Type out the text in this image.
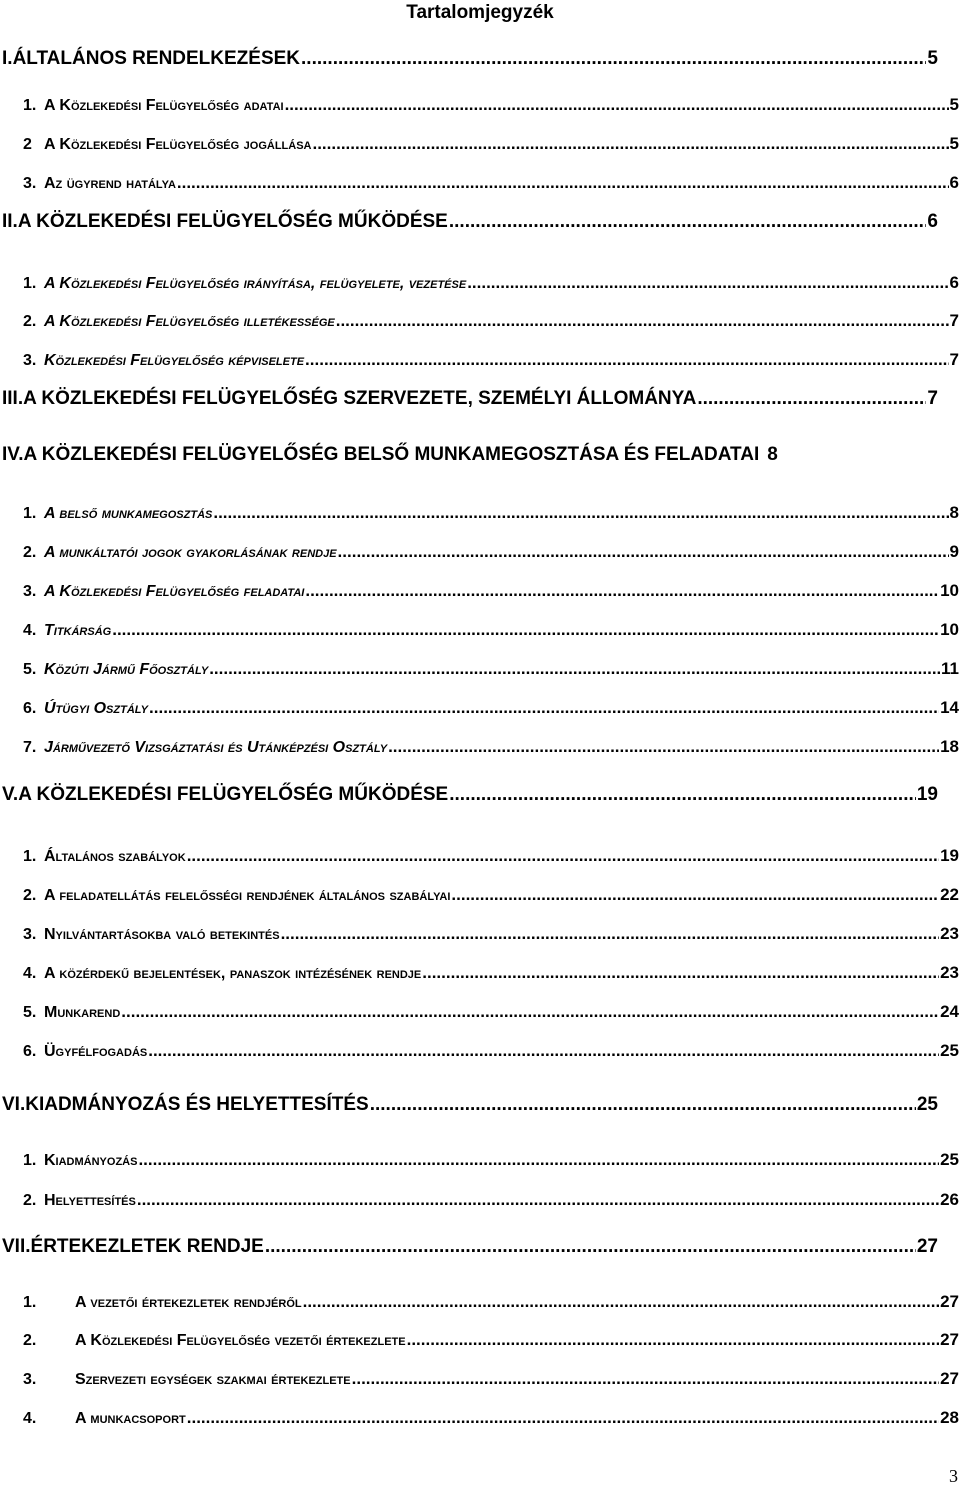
Tartalomjegyzék
I. ÁLTALÁNOS RENDELKEZÉSEK .....	5
1. A Közlekedési Felügyelőség adatai .....	5
2 A Közlekedési Felügyelőség jogállása .....	5
3. Az ügyrend hatálya .....	6
II. A KÖZLEKEDÉSI FELÜGYELŐSÉG MŰKÖDÉSE .....	6
1. A Közlekedési Felügyelőség irányítása, felügyelete, vezetése .....	6
2. A Közlekedési Felügyelőség illetékessége .....	7
3. Közlekedési Felügyelőség képviselete .....	7
III. A KÖZLEKEDÉSI FELÜGYELŐSÉG SZERVEZETE, SZEMÉLYI ÁLLOMÁNYA .....	7
IV. A KÖZLEKEDÉSI FELÜGYELŐSÉG BELSŐ MUNKAMEGOSZTÁSA ÉS FELADATAI 8
1. A belső munkamegosztás .....	8
2. A munkáltatói jogok gyakorlásának rendje .....	9
3. A Közlekedési Felügyelőség feladatai .....	10
4. Titkárság .....	10
5. Közúti Jármű Főosztály .....	11
6. Útügyi Osztály .....	14
7. Járművezető Vizsgáztatási és Utánképzési Osztály .....	18
V. A KÖZLEKEDÉSI FELÜGYELŐSÉG MŰKÖDÉSE .....	19
1. Általános szabályok .....	19
2. A feladatellátás felelősségi rendjének általános szabályai .....	22
3. Nyilvántartásokba való betekintés .....	23
4. A közérdekű bejelentések, panaszok intézésének rendje .....	23
5. Munkarend .....	24
6. Ügyfélfogadás .....	25
VI. KIADMÁNYOZÁS ÉS HELYETTESÍTÉS .....	25
1. Kiadmányozás .....	25
2. Helyettesítés .....	26
VII. ÉRTEKEZLETEK RENDJE .....	27
1.	A vezetői értekezletek rendjéről .....	27
2.	A Közlekedési Felügyelőség vezetői értekezlete .....	27
3.	Szervezeti egységek szakmai értekezlete .....	27
4.	A munkacsoport .....	28
3
